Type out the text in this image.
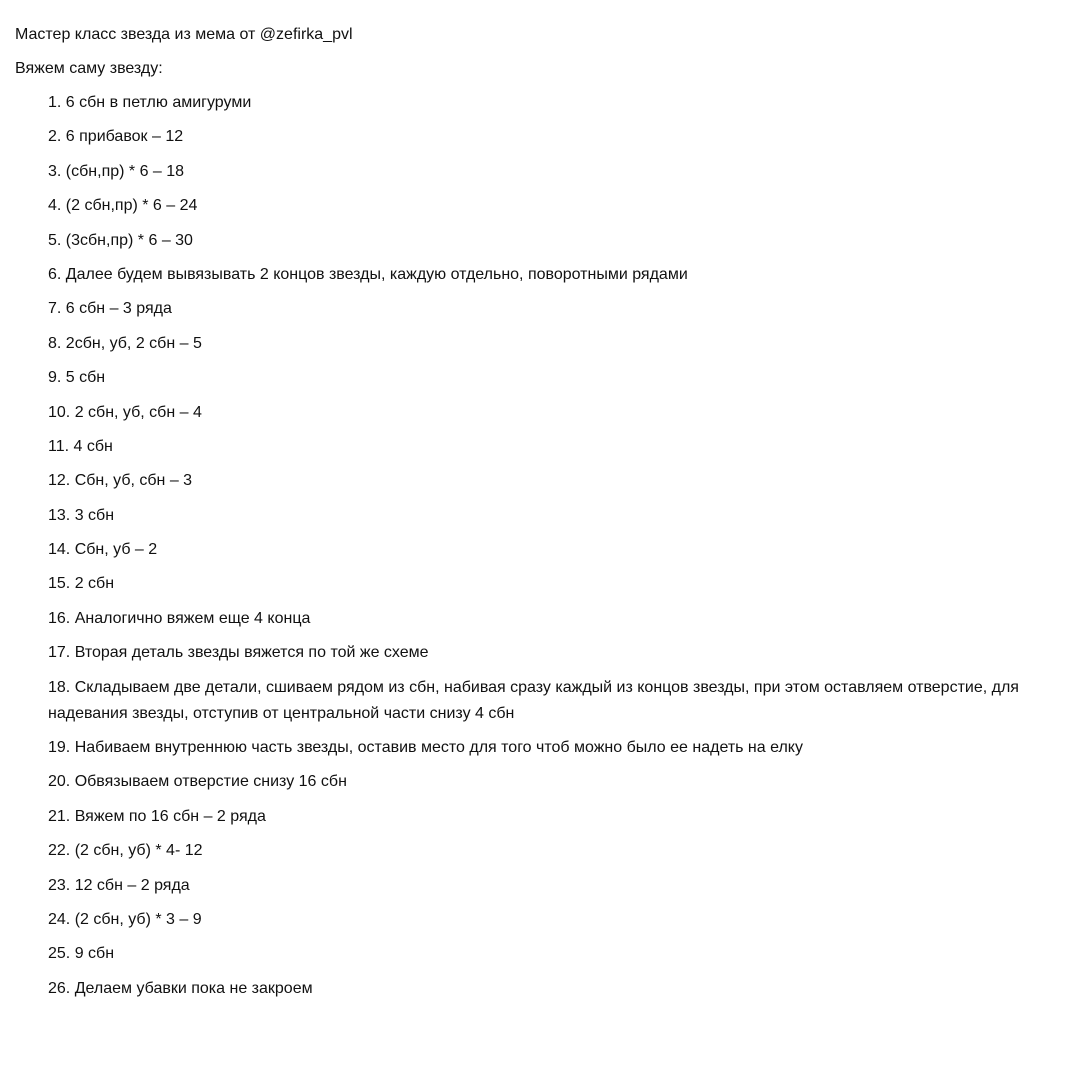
Мастер класс звезда из мема от @zefirka_pvl

Вяжем саму звезду:

1. 6 сбн в петлю амигуруми
2. 6 прибавок – 12
3. (сбн,пр) * 6 – 18
4. (2 сбн,пр) * 6 – 24
5. (3сбн,пр) * 6 – 30
6. Далее будем вывязывать 2 концов звезды, каждую отдельно, поворотными рядами
7. 6 сбн – 3 ряда
8. 2сбн, уб, 2 сбн – 5
9. 5 сбн
10. 2 сбн, уб, сбн – 4
11. 4 сбн
12. Сбн, уб, сбн – 3
13. 3 сбн
14. Сбн, уб – 2
15. 2 сбн
16. Аналогично вяжем еще 4 конца
17. Вторая деталь звезды вяжется по той же схеме
18. Складываем две детали, сшиваем рядом из сбн, набивая сразу каждый из концов звезды, при этом оставляем отверстие, для надевания звезды, отступив от центральной части снизу 4 сбн
19. Набиваем внутреннюю часть звезды, оставив место для того чтоб можно было ее надеть на елку
20. Обвязываем отверстие снизу 16 сбн
21. Вяжем по 16 сбн – 2 ряда
22. (2 сбн, уб) * 4- 12
23. 12 сбн – 2 ряда
24. (2 сбн, уб) * 3 – 9
25. 9 сбн
26. Делаем убавки пока не закроем
